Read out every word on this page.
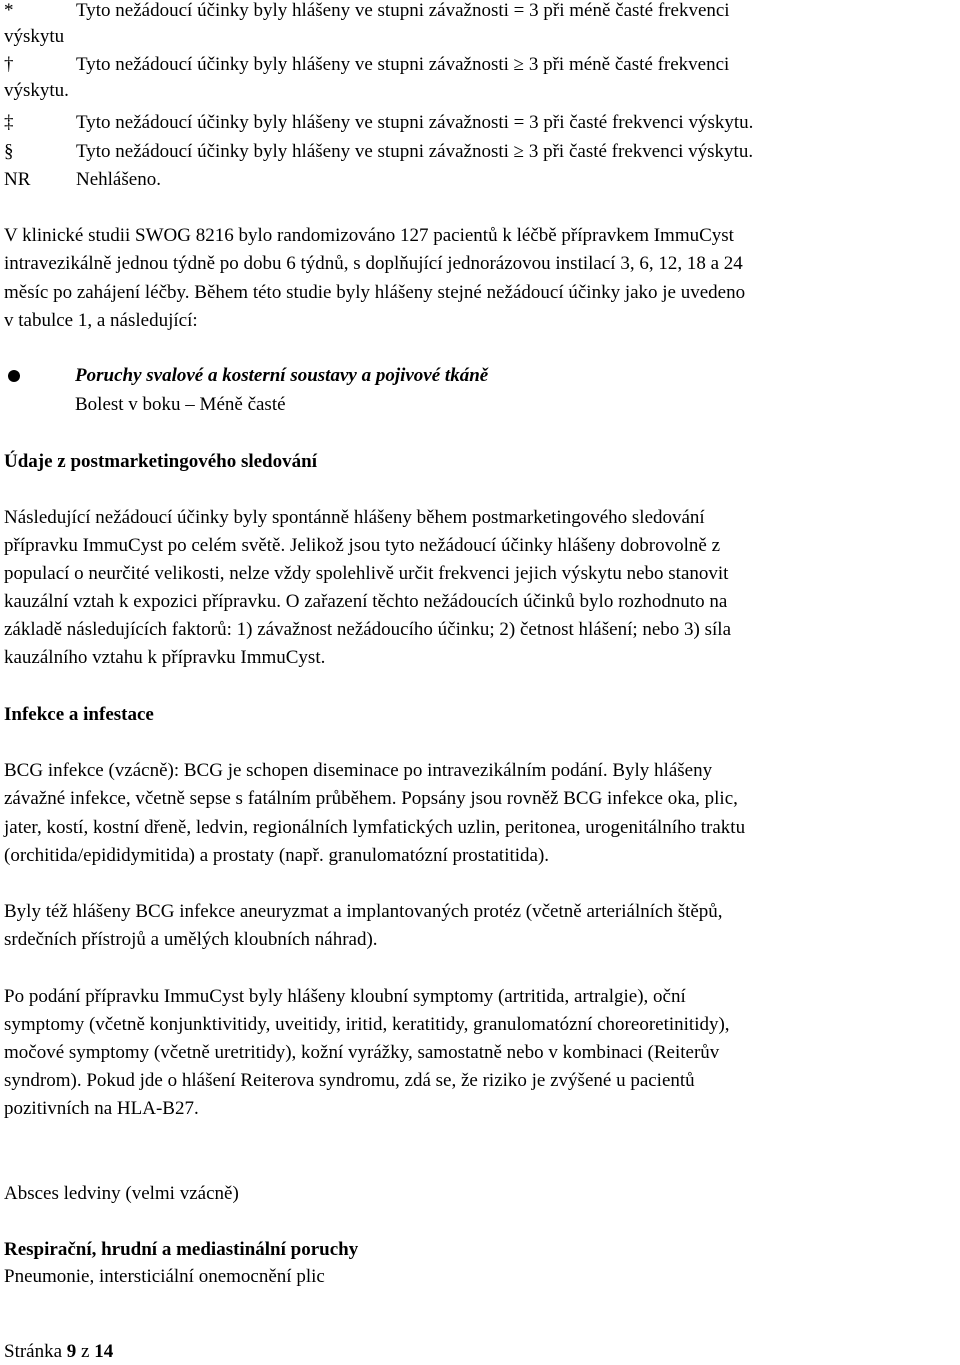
*	Tyto nežádoucí účinky byly hlášeny ve stupni závažnosti = 3 při méně časté frekvenci
výskytu
†	Tyto nežádoucí účinky byly hlášeny ve stupni závažnosti ≥ 3 při méně časté frekvenci
výskytu.
‡	Tyto nežádoucí účinky byly hlášeny ve stupni závažnosti = 3 při časté frekvenci výskytu.
§	Tyto nežádoucí účinky byly hlášeny ve stupni závažnosti ≥ 3 při časté frekvenci výskytu.
NR Nehlášeno.
V klinické studii SWOG 8216 bylo randomizováno 127 pacientů k léčbě přípravkem ImmuCyst
intravezikálně jednou týdně po dobu 6 týdnů, s doplňující jednorázovou instilací 3, 6, 12, 18 a 24
měsíc po zahájení léčby. Během této studie byly hlášeny stejné nežádoucí účinky jako je uvedeno
v tabulce 1, a následující:
Poruchy svalové a kosterní soustavy a pojivové tkáně
Bolest v boku – Méně časté
Údaje z postmarketingového sledování
Následující nežádoucí účinky byly spontánně hlášeny během postmarketingového sledování
přípravku ImmuCyst po celém světě. Jelikož jsou tyto nežádoucí účinky hlášeny dobrovolně z
populací o neurčité velikosti, nelze vždy spolehlivě určit frekvenci jejich výskytu nebo stanovit
kauzální vztah k expozici přípravku. O zařazení těchto nežádoucích účinků bylo rozhodnuto na
základě následujících faktorů: 1) závažnost nežádoucího účinku; 2) četnost hlášení; nebo 3) síla
kauzálního vztahu k přípravku ImmuCyst.
Infekce a infestace
BCG infekce (vzácně): BCG je schopen diseminace po intravezikálním podání. Byly hlášeny
závažné infekce, včetně sepse s fatálním průběhem. Popsány jsou rovněž BCG infekce oka, plic,
jater, kostí, kostní dřeně, ledvin, regionálních lymfatických uzlin, peritonea, urogenitálního traktu
(orchitida/epididymitida) a prostaty (např. granulomatózní prostatitida).
Byly též hlášeny BCG infekce aneuryzmat a implantovaných protéz (včetně arteriálních štěpů,
srdečních přístrojů a umělých kloubních náhrad).
Po podání přípravku ImmuCyst byly hlášeny kloubní symptomy (artritida, artralgie), oční
symptomy (včetně konjunktivitidy, uveitidy, iritid, keratitidy, granulomatózní choreoretinitidy),
močové symptomy (včetně uretritidy), kožní vyrážky, samostatně nebo v kombinaci (Reiterův
syndrom). Pokud jde o hlášení Reiterova syndromu, zdá se, že riziko je zvýšené u pacientů
pozitivních na HLA-B27.
Absces ledviny (velmi vzácně)
Respirační, hrudní a mediastinální poruchy
Pneumonie, intersticiální onemocnění plic
Stránka 9 z 14
